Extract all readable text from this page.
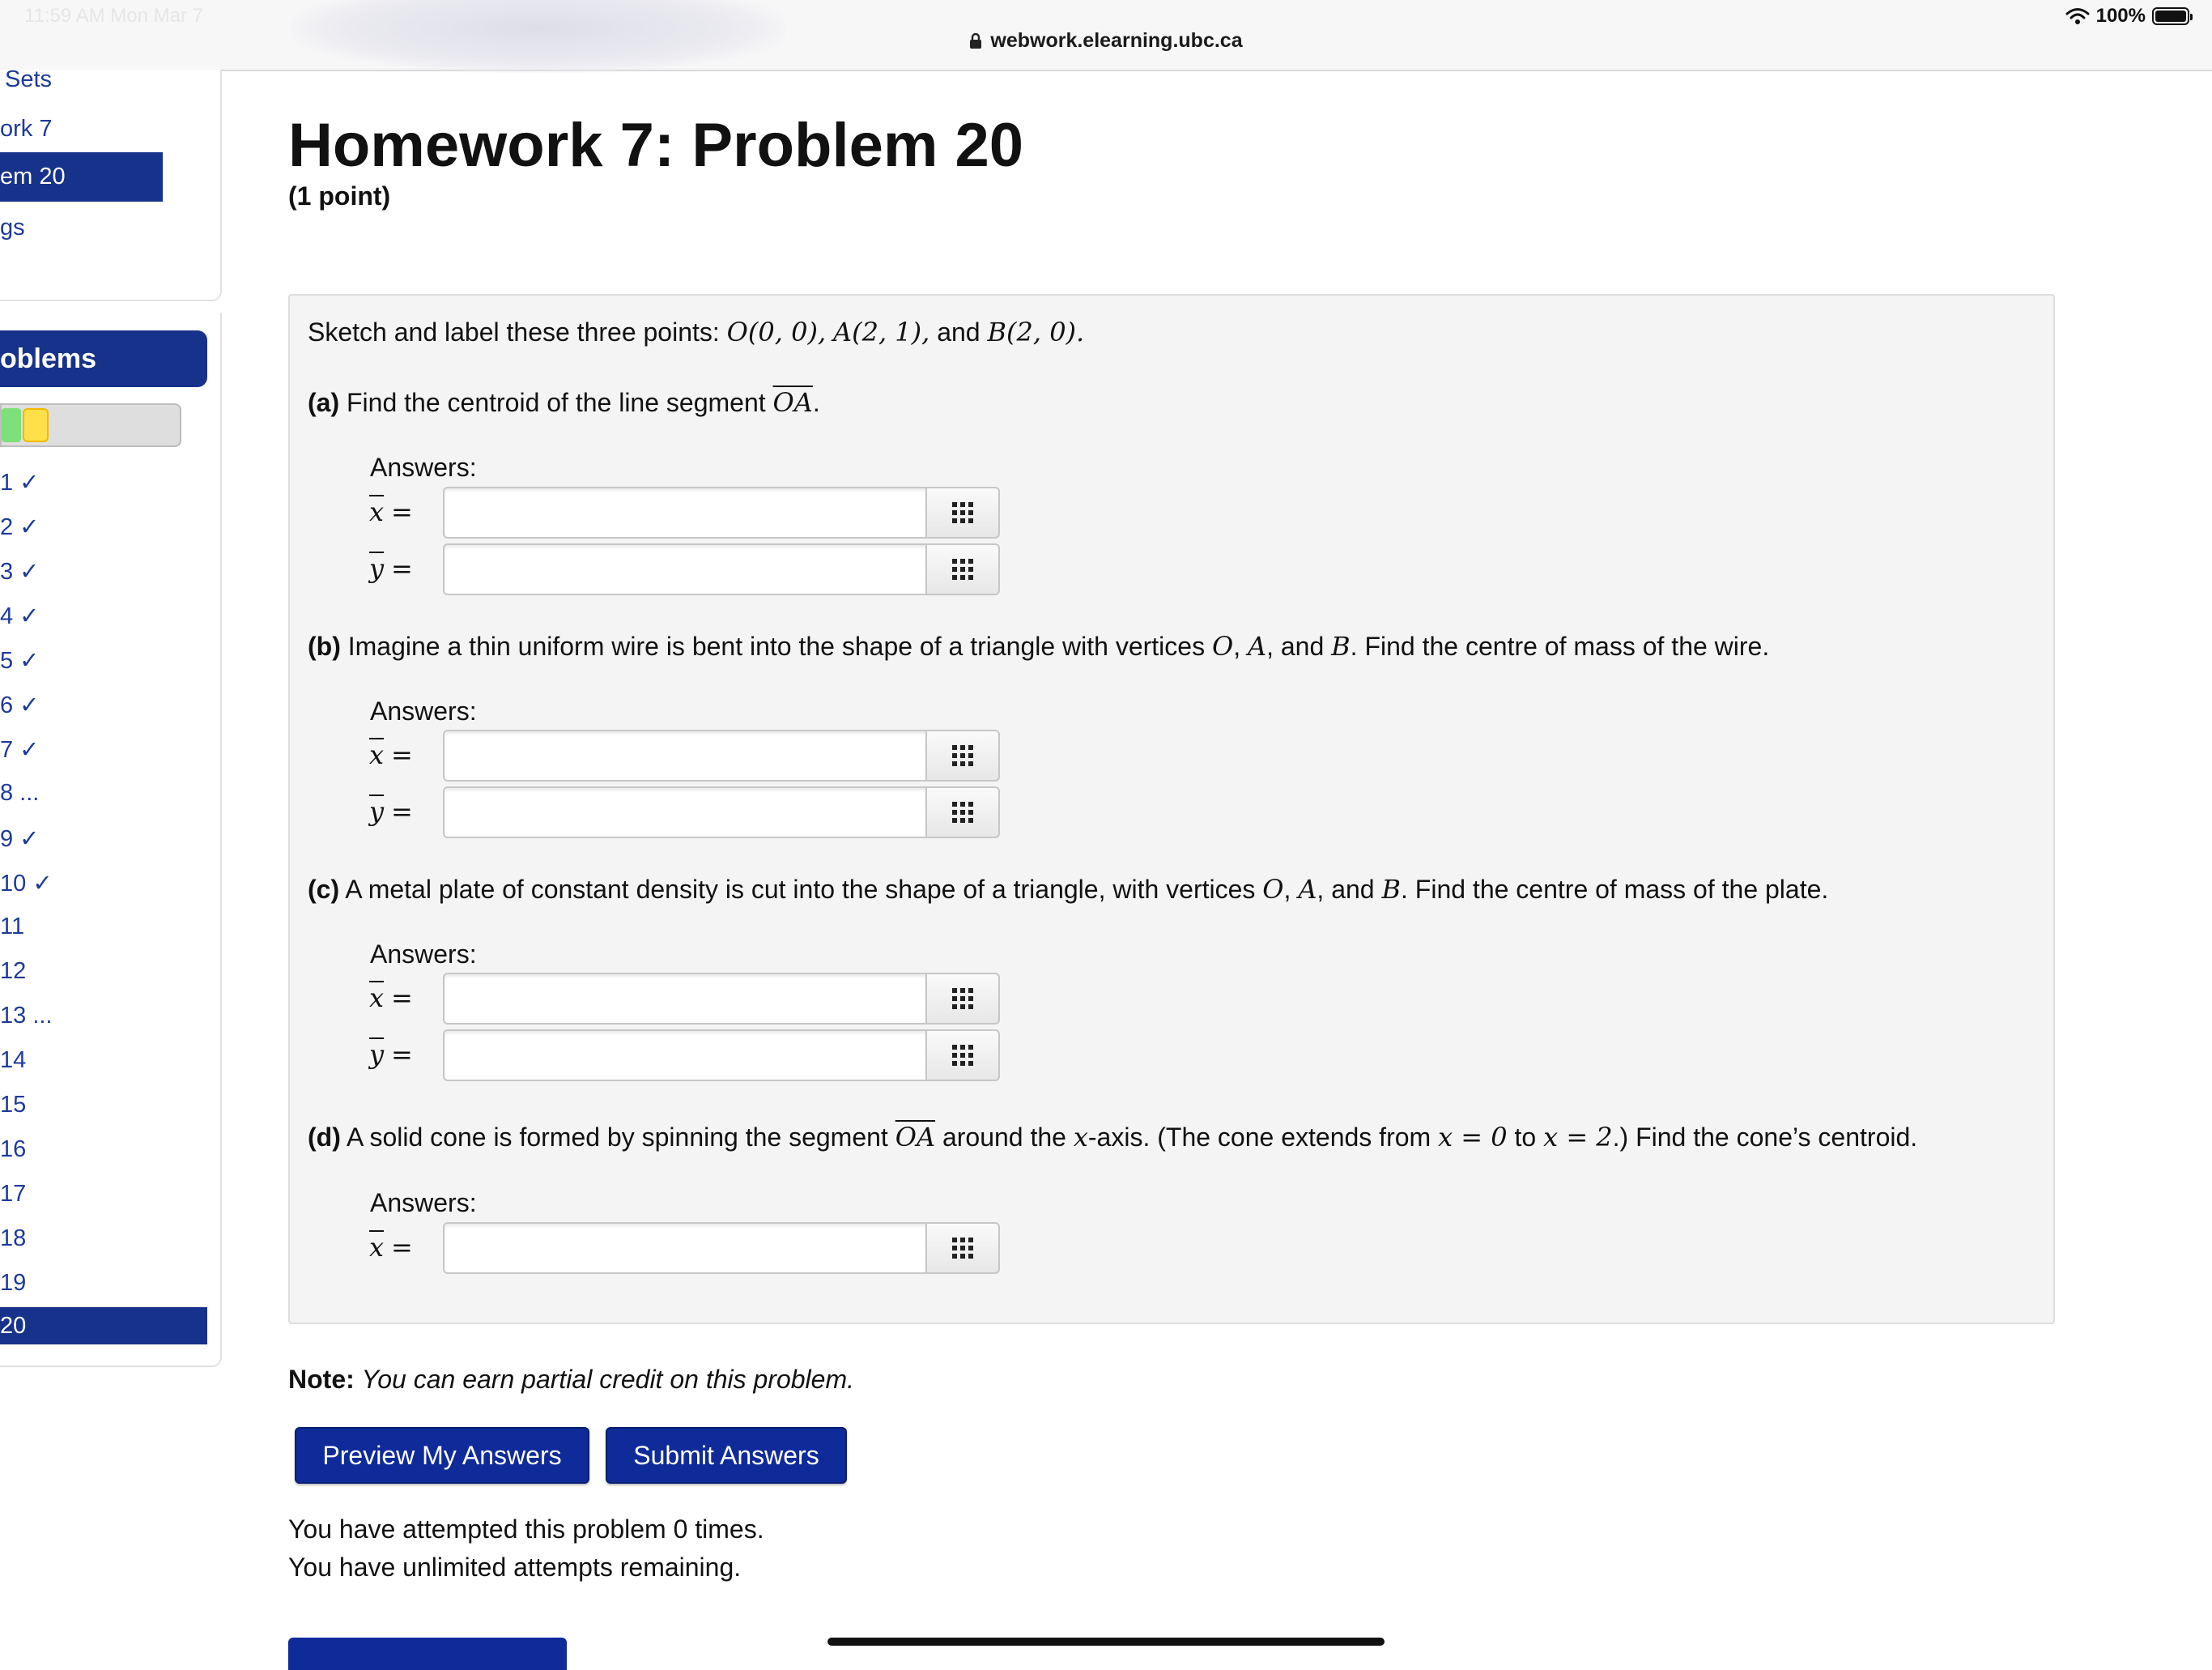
11:59 AM Mon Mar 7
webwork.elearning.ubc.ca
100%
Sets
ork 7
em 20
gs
oblems
1 ✓
2 ✓
3 ✓
4 ✓
5 ✓
6 ✓
7 ✓
8 ...
9 ✓
10 ✓
11
12
13 ...
14
15
16
17
18
19
20
Homework 7: Problem 20
(1 point)
Sketch and label these three points: O(0, 0), A(2, 1), and B(2, 0).
(a) Find the centroid of the line segment $\overline{OA}$.
Answers:
$\overline{x}$ =
$\overline{y}$ =
(b) Imagine a thin uniform wire is bent into the shape of a triangle with vertices O, A, and B. Find the centre of mass of the wire.
Answers:
$\overline{x}$ =
$\overline{y}$ =
(c) A metal plate of constant density is cut into the shape of a triangle, with vertices O, A, and B. Find the centre of mass of the plate.
Answers:
$\overline{x}$ =
$\overline{y}$ =
(d) A solid cone is formed by spinning the segment $\overline{OA}$ around the x-axis. (The cone extends from x = 0 to x = 2.) Find the cone’s centroid.
Answers:
$\overline{x}$ =
Note: You can earn partial credit on this problem.
Preview My Answers	Submit Answers
You have attempted this problem 0 times.
You have unlimited attempts remaining.
